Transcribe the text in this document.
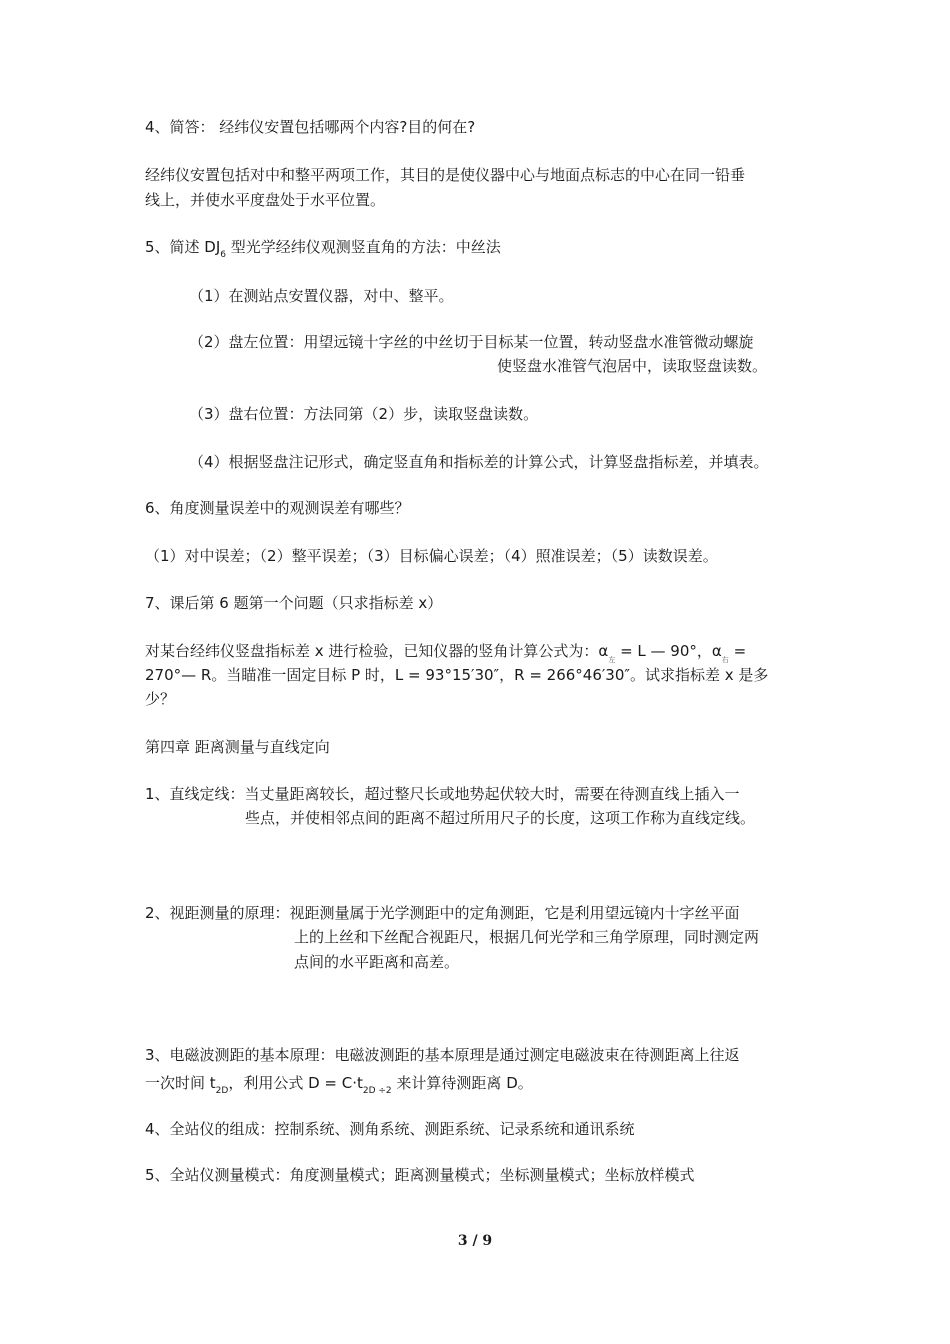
4、简答： 经纬仪安置包括哪两个内容?目的何在?
经纬仪安置包括对中和整平两项工作，其目的是使仪器中心与地面点标志的中心在同一铅垂
线上，并使水平度盘处于水平位置。
5、简述 $DJ_6$ 型光学经纬仪观测竖直角的方法：中丝法
（1）在测站点安置仪器，对中、整平。
（2）盘左位置：用望远镜十字丝的中丝切于目标某一位置，转动竖盘水准管微动螺旋
使竖盘水准管气泡居中，读取竖盘读数。
（3）盘右位置：方法同第（2）步，读取竖盘读数。
（4）根据竖盘注记形式，确定竖直角和指标差的计算公式，计算竖盘指标差，并填表。
6、角度测量误差中的观测误差有哪些？
（1）对中误差；（2）整平误差；（3）目标偏心误差；（4）照准误差；（5）读数误差。
7、课后第 6 题第一个问题（只求指标差 x）
对某台经纬仪竖盘指标差 x 进行检验，已知仪器的竖角计算公式为：$\alpha_左 = L$ — 90°，$\alpha_右$ =
270°— R。当瞄准一固定目标 P 时，L = 93°15′30″，R = 266°46′30″。试求指标差 x 是多
少？
第四章 距离测量与直线定向
1、直线定线：当丈量距离较长，超过整尺长或地势起伏较大时，需要在待测直线上插入一
些点，并使相邻点间的距离不超过所用尺子的长度，这项工作称为直线定线。
2、视距测量的原理：视距测量属于光学测距中的定角测距，它是利用望远镜内十字丝平面
上的上丝和下丝配合视距尺，根据几何光学和三角学原理，同时测定两
点间的水平距离和高差。
3、电磁波测距的基本原理：电磁波测距的基本原理是通过测定电磁波束在待测距离上往返
一次时间 $t_{2D}$，利用公式 $D = C\cdot t_{2D \div 2}$ 来计算待测距离 D。
4、全站仪的组成：控制系统、测角系统、测距系统、记录系统和通讯系统
5、全站仪测量模式：角度测量模式；距离测量模式；坐标测量模式；坐标放样模式
3 / 9
